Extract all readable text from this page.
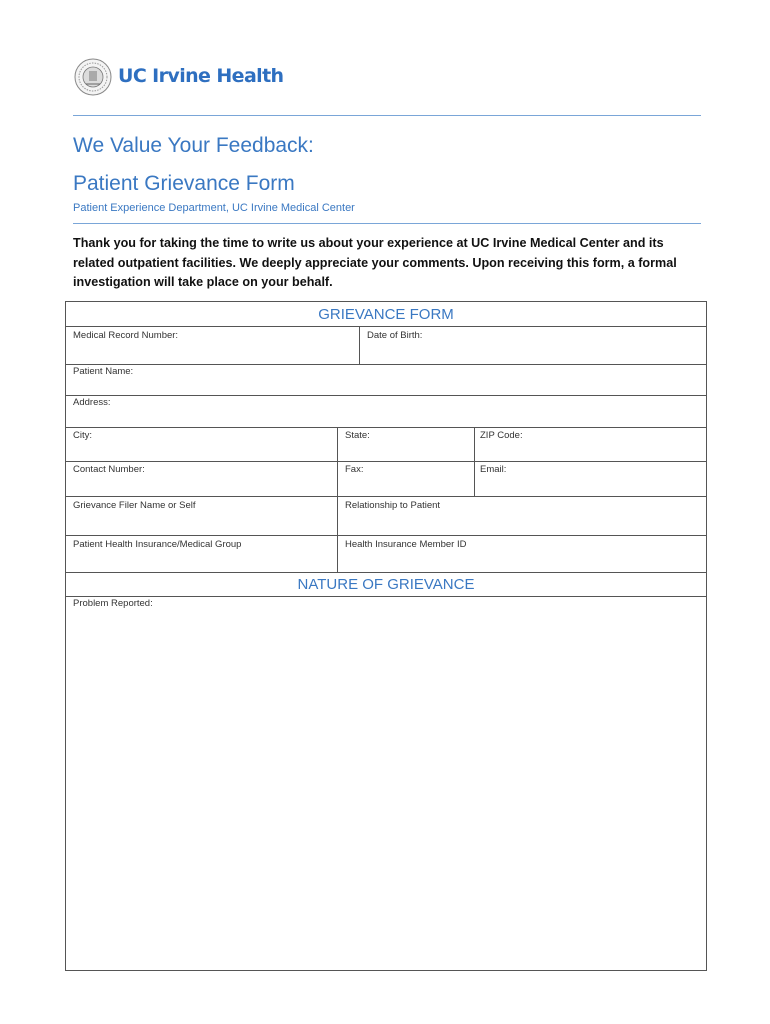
UC Irvine Health
We Value Your Feedback:
Patient Grievance Form
Patient Experience Department, UC Irvine Medical Center
Thank you for taking the time to write us about your experience at UC Irvine Medical Center and its related outpatient facilities. We deeply appreciate your comments. Upon receiving this form, a formal investigation will take place on your behalf.
GRIEVANCE FORM
Medical Record Number:	Date of Birth:
Patient Name:
Address:
City:	State:	ZIP Code:
Contact Number:	Fax:	Email:
Grievance Filer Name or Self	Relationship to Patient
Patient Health Insurance/Medical Group	Health Insurance Member ID
NATURE OF GRIEVANCE
Problem Reported:
